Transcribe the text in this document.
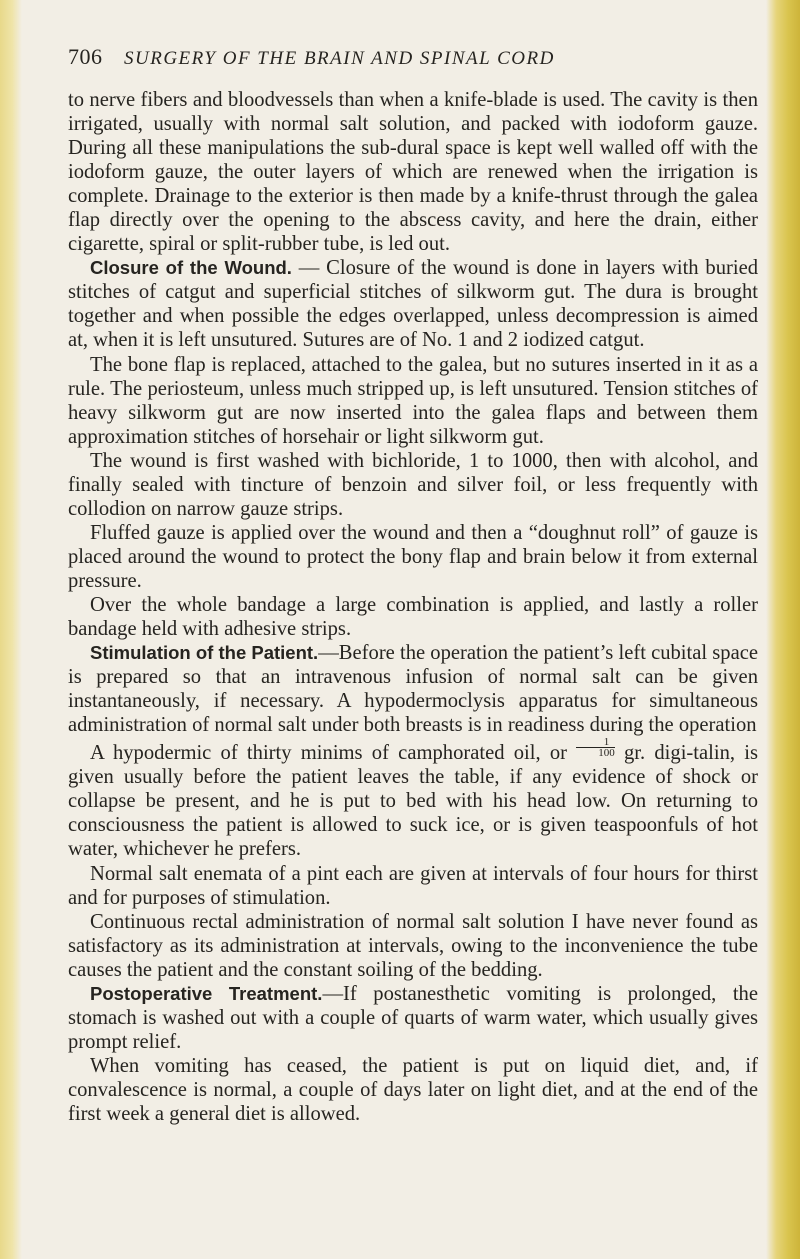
706 SURGERY OF THE BRAIN AND SPINAL CORD

to nerve fibers and bloodvessels than when a knife-blade is used. The cavity is then irrigated, usually with normal salt solution, and packed with iodoform gauze. During all these manipulations the sub-dural space is kept well walled off with the iodoform gauze, the outer layers of which are renewed when the irrigation is complete. Drainage to the exterior is then made by a knife-thrust through the galea flap directly over the opening to the abscess cavity, and here the drain, either cigarette, spiral or split-rubber tube, is led out.

Closure of the Wound. — Closure of the wound is done in layers with buried stitches of catgut and superficial stitches of silkworm gut. The dura is brought together and when possible the edges overlapped, unless decompression is aimed at, when it is left unsutured. Sutures are of No. 1 and 2 iodized catgut.

The bone flap is replaced, attached to the galea, but no sutures inserted in it as a rule. The periosteum, unless much stripped up, is left unsutured. Tension stitches of heavy silkworm gut are now inserted into the galea flaps and between them approximation stitches of horsehair or light silkworm gut.

The wound is first washed with bichloride, 1 to 1000, then with alcohol, and finally sealed with tincture of benzoin and silver foil, or less frequently with collodion on narrow gauze strips.

Fluffed gauze is applied over the wound and then a “doughnut roll” of gauze is placed around the wound to protect the bony flap and brain below it from external pressure.

Over the whole bandage a large combination is applied, and lastly a roller bandage held with adhesive strips.

Stimulation of the Patient.—Before the operation the patient’s left cubital space is prepared so that an intravenous infusion of normal salt can be given instantaneously, if necessary. A hypodermoclysis apparatus for simultaneous administration of normal salt under both breasts is in readiness during the operation

A hypodermic of thirty minims of camphorated oil, or $\frac{1}{100}$ gr. digi-talin, is given usually before the patient leaves the table, if any evidence of shock or collapse be present, and he is put to bed with his head low. On returning to consciousness the patient is allowed to suck ice, or is given teaspoonfuls of hot water, whichever he prefers.

Normal salt enemata of a pint each are given at intervals of four hours for thirst and for purposes of stimulation.

Continuous rectal administration of normal salt solution I have never found as satisfactory as its administration at intervals, owing to the inconvenience the tube causes the patient and the constant soiling of the bedding.

Postoperative Treatment.—If postanesthetic vomiting is prolonged, the stomach is washed out with a couple of quarts of warm water, which usually gives prompt relief.

When vomiting has ceased, the patient is put on liquid diet, and, if convalescence is normal, a couple of days later on light diet, and at the end of the first week a general diet is allowed.
